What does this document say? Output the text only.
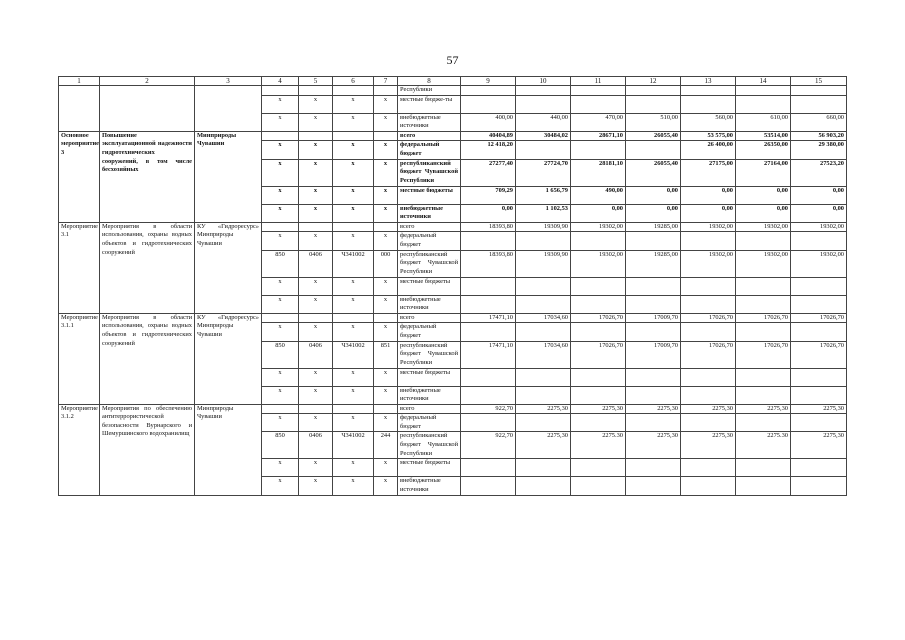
57
1	2	3	4	5	6	7	8	9	10	11	12	13	14	15
							Республики							
			х	х	х	х	местные бюдже-ты							
			х	х	х	х	внебюджетные источники	400,00	440,00	470,00	510,00	560,00	610,00	660,00
Основное мероприятие 3	Повышение эксплуатационной надежности гидротехнических сооружений, в том числе бесхозяйных	Минприроды Чувашии					всего	40404,89	30484,02	28671,10	26055,40	53 575,00	53514,00	56 903,20
			х	х	х	х	федеральный бюджет	12 418,20				26 400,00	26350,00	29 380,00
			х	х	х	х	республиканский бюджет Чувашской Республики	27277,40	27724,70	28181,10	26055,40	27175,00	27164,00	27523,20
			х	х	х	х	местные бюджеты	709,29	1 656,79	490,00	0,00	0,00	0,00	0,00
			х	х	х	х	внебюджетные источники	0,00	1 102,53	0,00	0,00	0,00	0,00	0,00
Мероприятие 3.1	Мероприятия в области использования, охраны водных объектов и гидротехнических сооружений	КУ «Гидроресурс» Минприроды Чувашии					всего	18393,80	19309,90	19302,00	19285,00	19302,00	19302,00	19302,00
			х	х	х	х	федеральный бюджет							
			850	0406	Ч341002	000	республиканский бюджет Чувашской Республики	18393,80	19309,90	19302,00	19285,00	19302,00	19302,00	19302,00
			х	х	х	х	местные бюджеты							
			х	х	х	х	внебюджетные источники							
Мероприятие 3.1.1	Мероприятия в области использования, охраны водных объектов и гидротехнических сооружений	КУ «Гидроресурс» Минприроды Чувашии					всего	17471,10	17034,60	17026,70	17009,70	17026,70	17026,70	17026,70
			х	х	х	х	федеральный бюджет							
			850	0406	Ч341002	851	республиканский бюджет Чувашской Республики	17471,10	17034,60	17026,70	17009,70	17026,70	17026,70	17026,70
			х	х	х	х	местные бюджеты							
			х	х	х	х	внебюджетные источники							
Мероприятие 3.1.2	Мероприятия по обеспечению антитеррористической безопасности Вурнарского и Шемуршинского водохранилищ	Минприроды Чувашии					всего	922,70	2275,30	2275,30	2275,30	2275,30	2275,30	2275,30
			х	х	х	х	федеральный бюджет							
			850	0406	Ч341002	244	республиканский бюджет Чувашской Республики	922,70	2275,30	2275.30	2275,30	2275,30	2275.30	2275,30
			х	х	х	х	местные бюджеты							
			х	х	х	х	внебюджетные источники							
